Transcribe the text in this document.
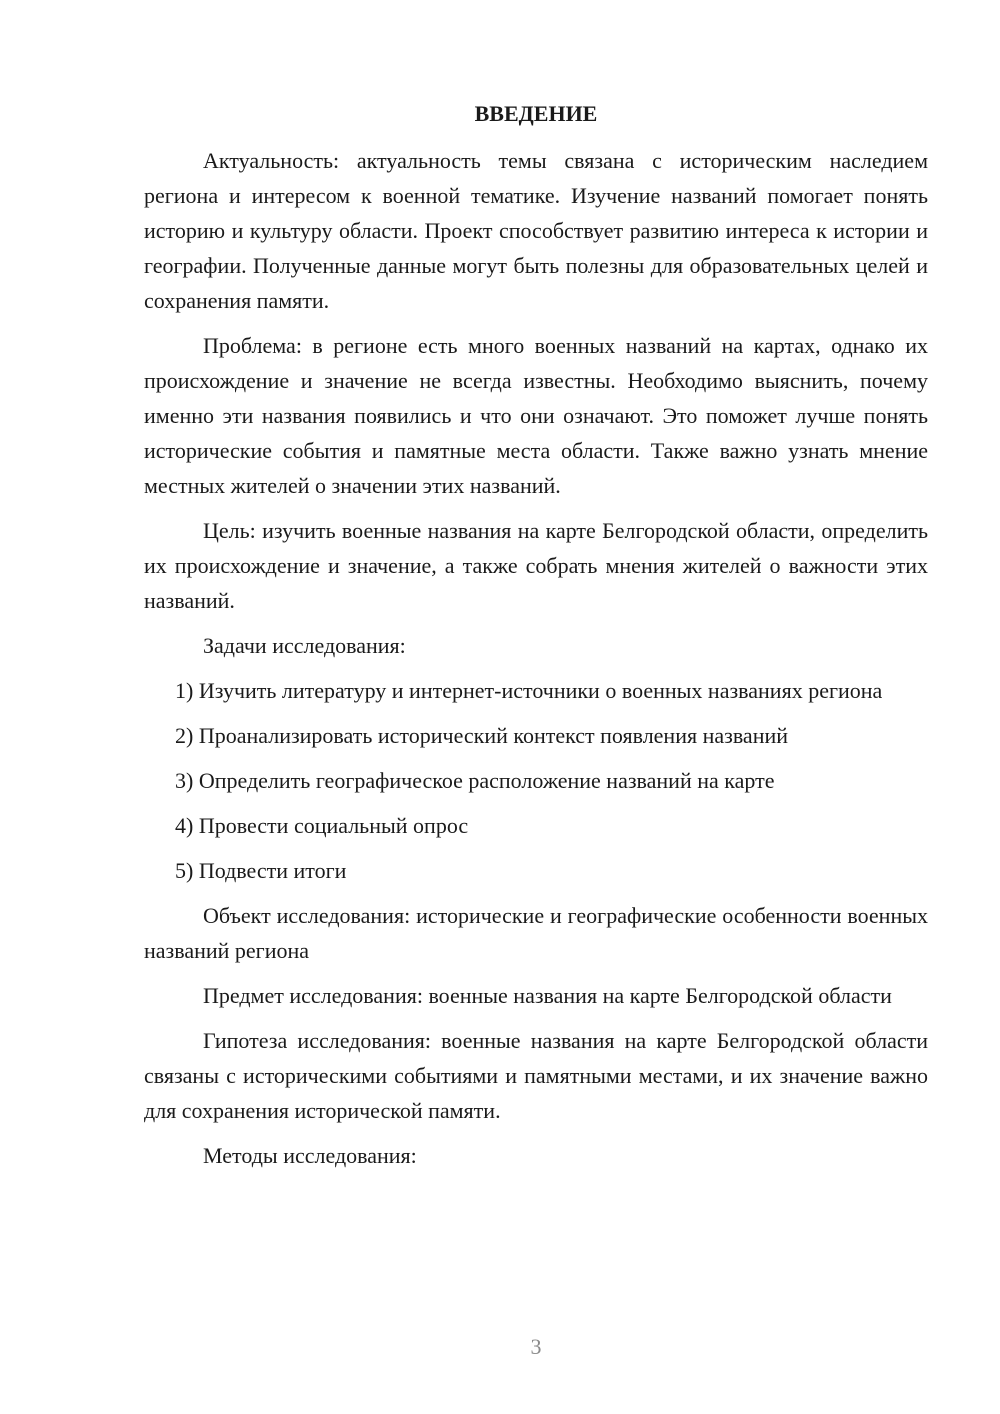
ВВЕДЕНИЕ

Актуальность: актуальность темы связана с историческим наследием региона и интересом к военной тематике. Изучение названий помогает понять историю и культуру области. Проект способствует развитию интереса к истории и географии. Полученные данные могут быть полезны для образовательных целей и сохранения памяти.

Проблема: в регионе есть много военных названий на картах, однако их происхождение и значение не всегда известны. Необходимо выяснить, почему именно эти названия появились и что они означают. Это поможет лучше понять исторические события и памятные места области. Также важно узнать мнение местных жителей о значении этих названий.

Цель: изучить военные названия на карте Белгородской области, определить их происхождение и значение, а также собрать мнения жителей о важности этих названий.

Задачи исследования:

1) Изучить литературу и интернет-источники о военных названиях региона

2) Проанализировать исторический контекст появления названий

3) Определить географическое расположение названий на карте

4) Провести социальный опрос

5) Подвести итоги

Объект исследования: исторические и географические особенности военных названий региона

Предмет исследования: военные названия на карте Белгородской области

Гипотеза исследования: военные названия на карте Белгородской области связаны с историческими событиями и памятными местами, и их значение важно для сохранения исторической памяти.

Методы исследования:

3
